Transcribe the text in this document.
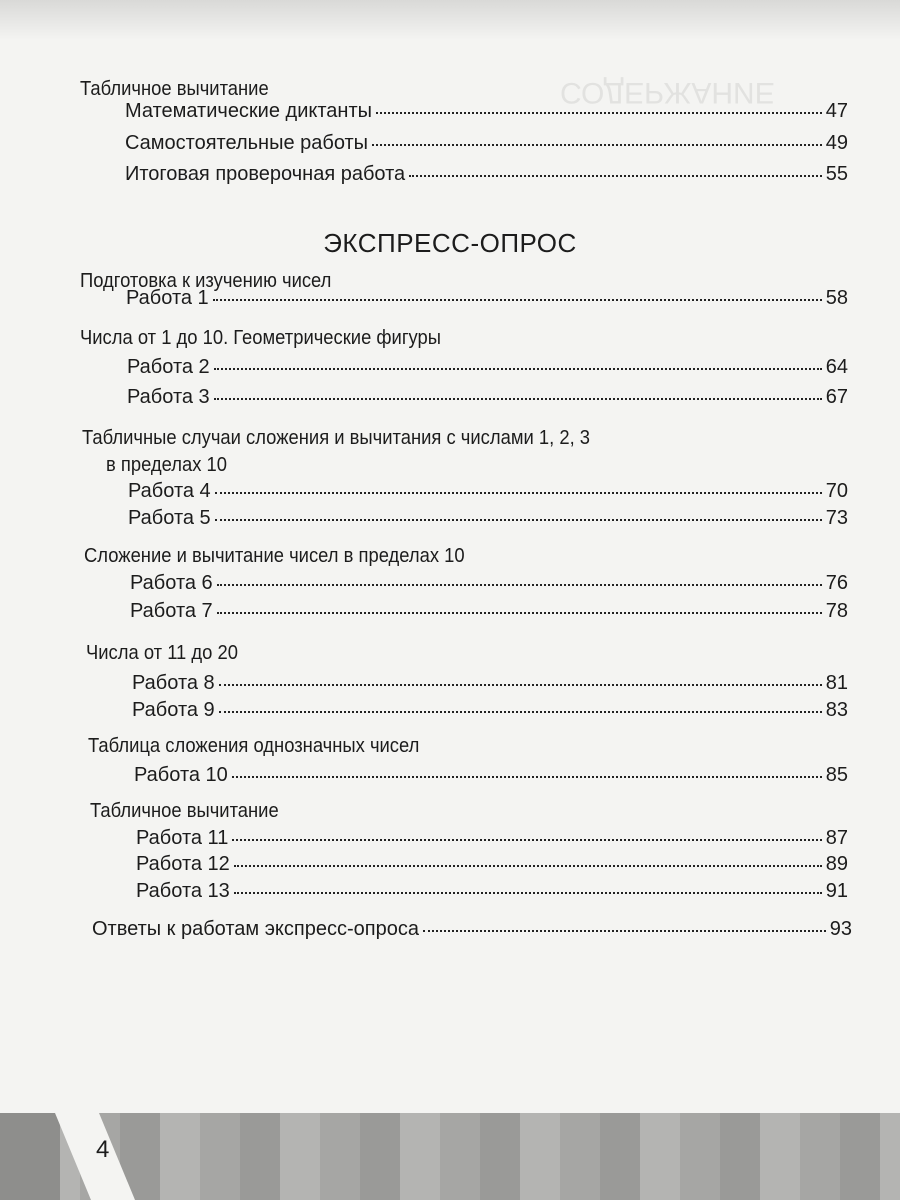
СОДЕРЖАНИЕ
Табличное вычитание
Математические диктанты	47
Самостоятельные работы	49
Итоговая проверочная работа	55
ЭКСПРЕСС-ОПРОС
Подготовка к изучению чисел
Работа 1	58
Числа от 1 до 10. Геометрические фигуры
Работа 2	64
Работа 3	67
Табличные случаи сложения и вычитания с числами 1, 2, 3
в пределах 10
Работа 4	70
Работа 5	73
Сложение и вычитание чисел в пределах 10
Работа 6	76
Работа 7	78
Числа от 11 до 20
Работа 8	81
Работа 9	83
Таблица сложения однозначных чисел
Работа 10	85
Табличное вычитание
Работа 11	87
Работа 12	89
Работа 13	91
Ответы к работам экспресс-опроса	93
4
